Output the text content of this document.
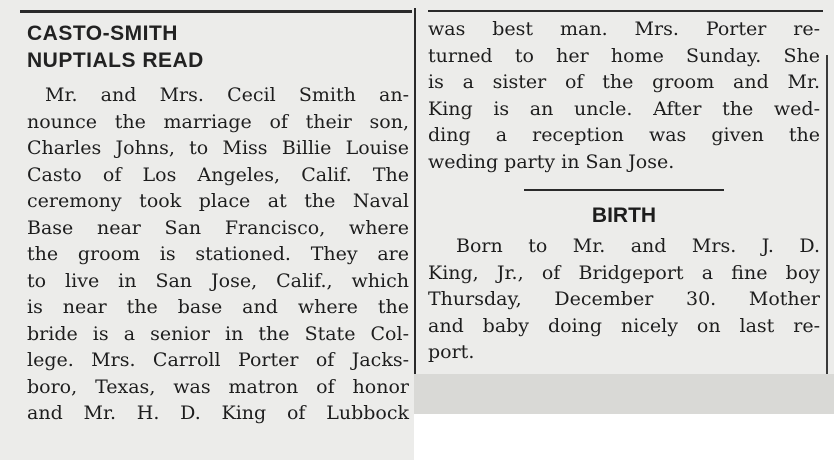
CASTO-SMITH
NUPTIALS READ
Mr. and Mrs. Cecil Smith an-
nounce the marriage of their son,
Charles Johns, to Miss Billie Louise
Casto of Los Angeles, Calif. The
ceremony took place at the Naval
Base near San Francisco, where
the groom is stationed. They are
to live in San Jose, Calif., which
is near the base and where the
bride is a senior in the State Col-
lege. Mrs. Carroll Porter of Jacks-
boro, Texas, was matron of honor
and Mr. H. D. King of Lubbock
was best man. Mrs. Porter re-
turned to her home Sunday. She
is a sister of the groom and Mr.
King is an uncle. After the wed-
ding a reception was given the
weding party in San Jose.
BIRTH
Born to Mr. and Mrs. J. D.
King, Jr., of Bridgeport a fine boy
Thursday, December 30. Mother
and baby doing nicely on last re-
port.
